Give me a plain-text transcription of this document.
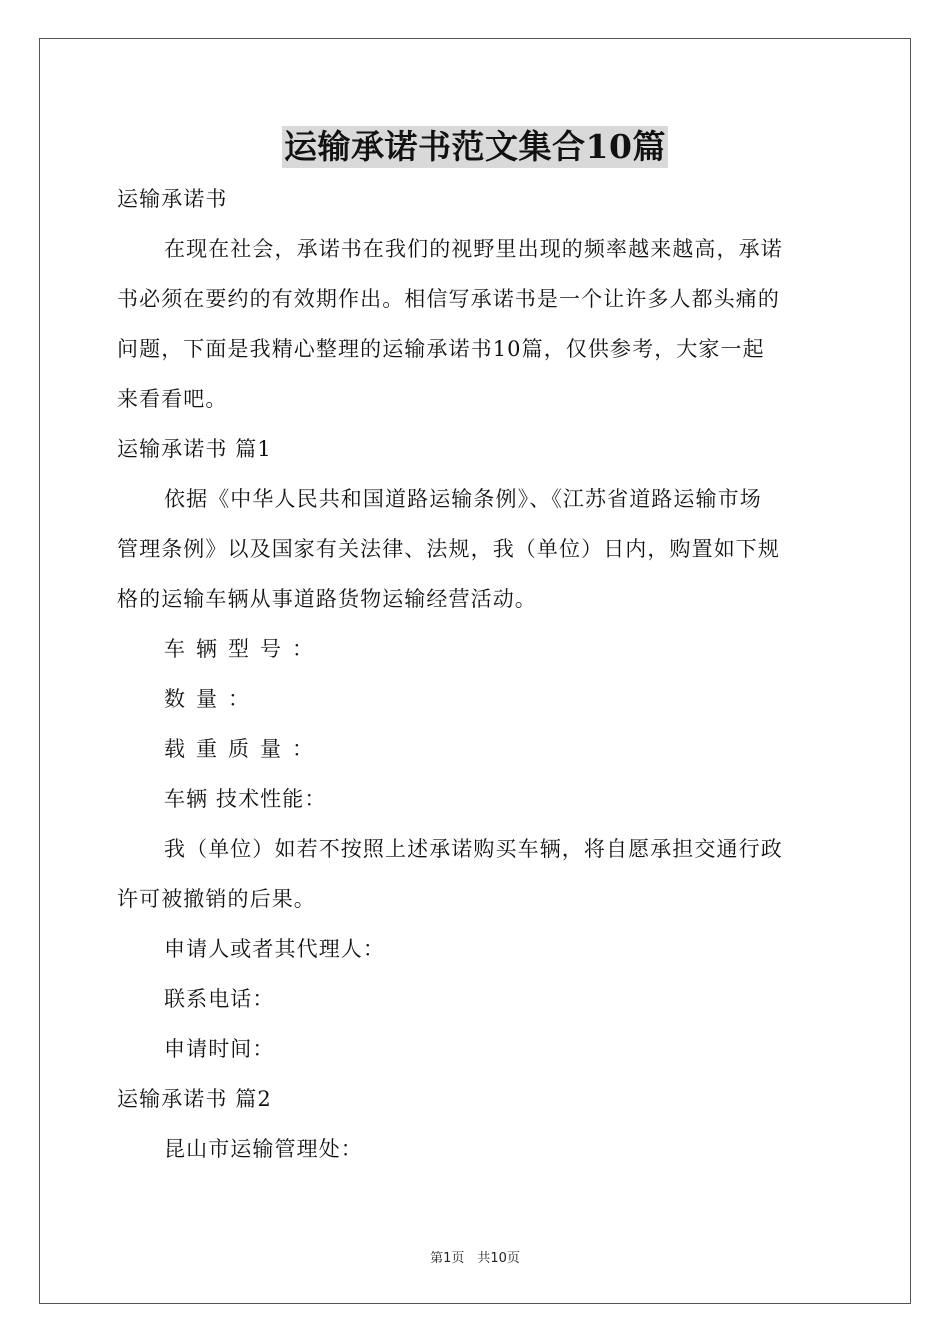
运输承诺书范文集合10篇
运输承诺书
在现在社会，承诺书在我们的视野里出现的频率越来越高，承诺
书必须在要约的有效期作出。相信写承诺书是一个让许多人都头痛的
问题，下面是我精心整理的运输承诺书10篇，仅供参考，大家一起
来看看吧。
运输承诺书 篇1
依据《中华人民共和国道路运输条例》、《江苏省道路运输市场
管理条例》以及国家有关法律、法规，我（单位）日内，购置如下规
格的运输车辆从事道路货物运输经营活动。
车辆型号：
数量：
载重质量：
车辆 技术性能：
我（单位）如若不按照上述承诺购买车辆，将自愿承担交通行政
许可被撤销的后果。
申请人或者其代理人：
联系电话：
申请时间：
运输承诺书 篇2
昆山市运输管理处：
第1页　共10页
